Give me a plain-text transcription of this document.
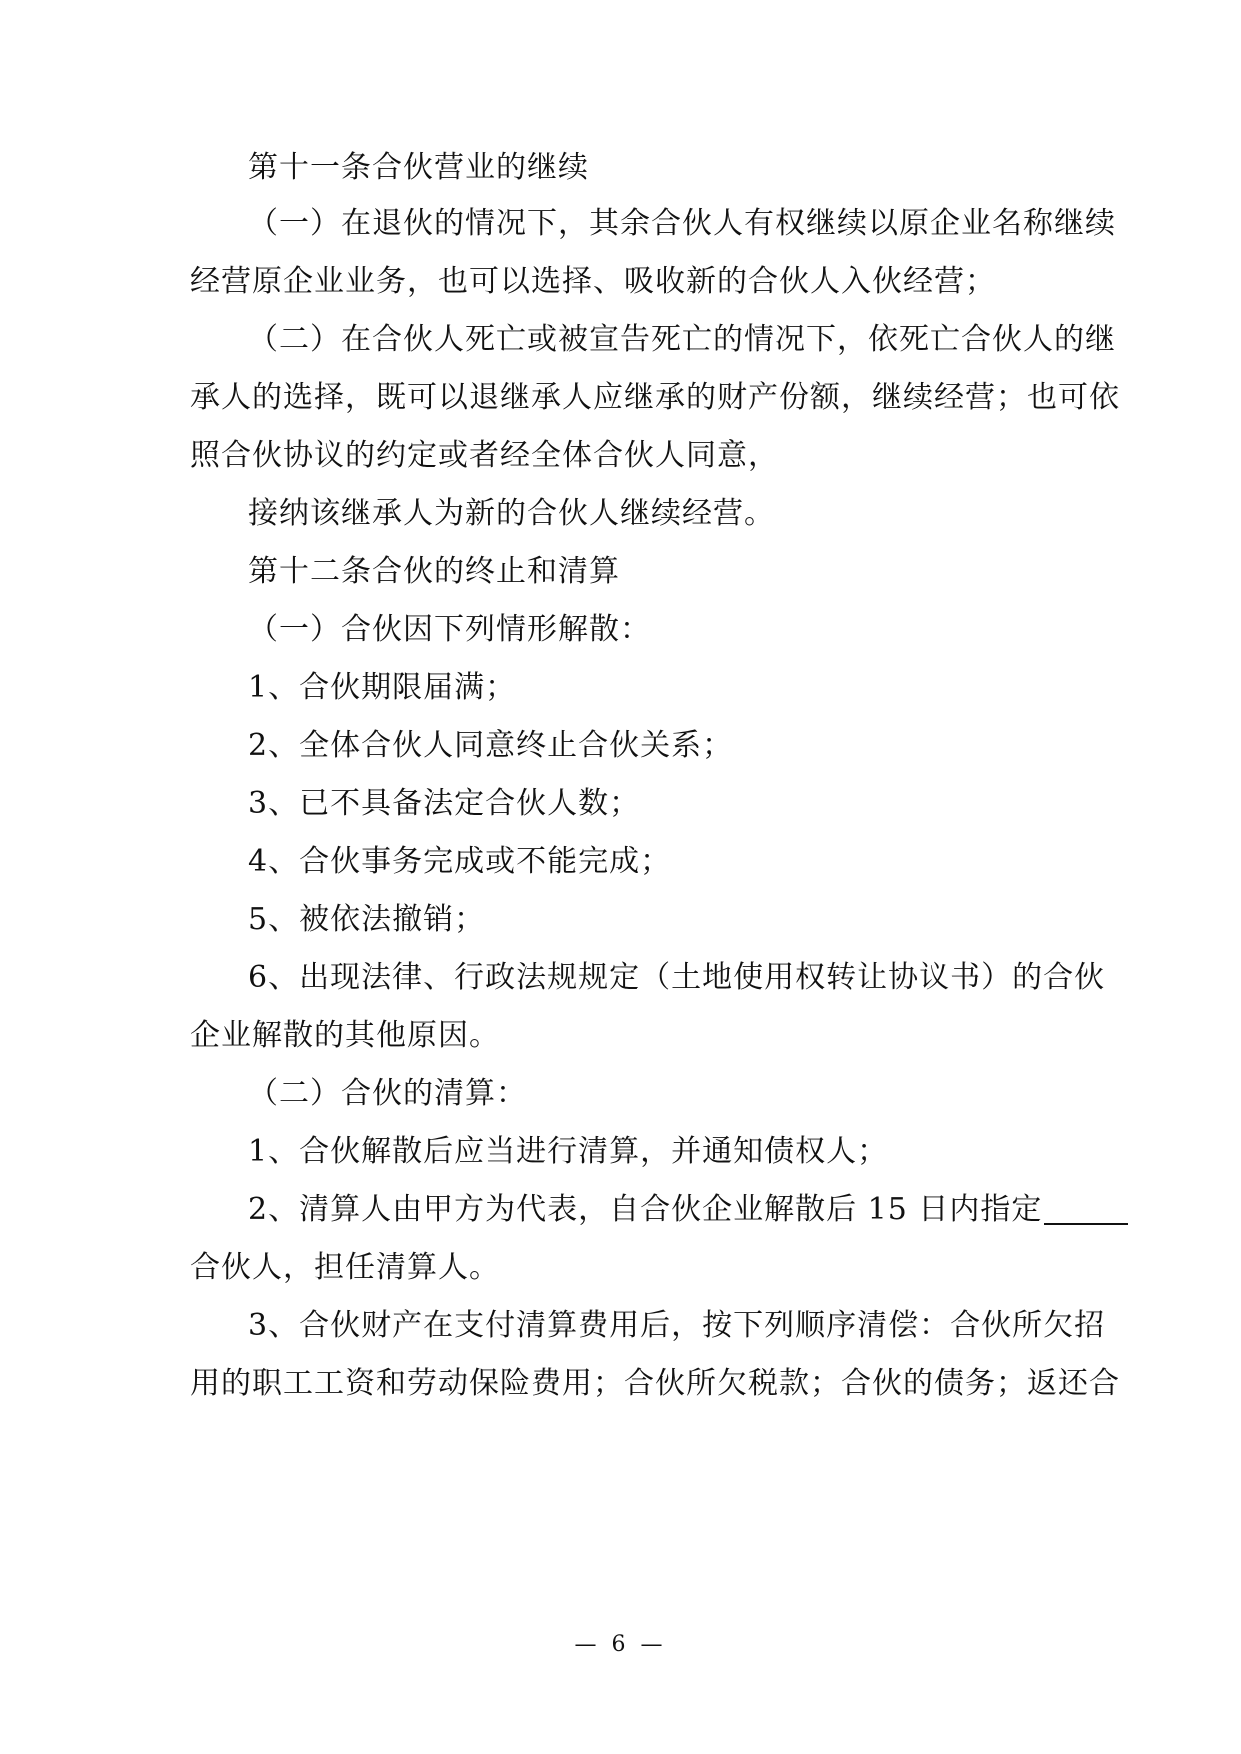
第十一条合伙营业的继续
（一）在退伙的情况下，其余合伙人有权继续以原企业名称继续
经营原企业业务，也可以选择、吸收新的合伙人入伙经营；
（二）在合伙人死亡或被宣告死亡的情况下，依死亡合伙人的继
承人的选择，既可以退继承人应继承的财产份额，继续经营；也可依
照合伙协议的约定或者经全体合伙人同意，
接纳该继承人为新的合伙人继续经营。
第十二条合伙的终止和清算
（一）合伙因下列情形解散：
1、合伙期限届满；
2、全体合伙人同意终止合伙关系；
3、已不具备法定合伙人数；
4、合伙事务完成或不能完成；
5、被依法撤销；
6、出现法律、行政法规规定（土地使用权转让协议书）的合伙
企业解散的其他原因。
（二）合伙的清算：
1、合伙解散后应当进行清算，并通知债权人；
2、清算人由甲方为代表，自合伙企业解散后 15 日内指定
合伙人，担任清算人。
3、合伙财产在支付清算费用后，按下列顺序清偿：合伙所欠招
用的职工工资和劳动保险费用；合伙所欠税款；合伙的债务；返还合
— 6 —
